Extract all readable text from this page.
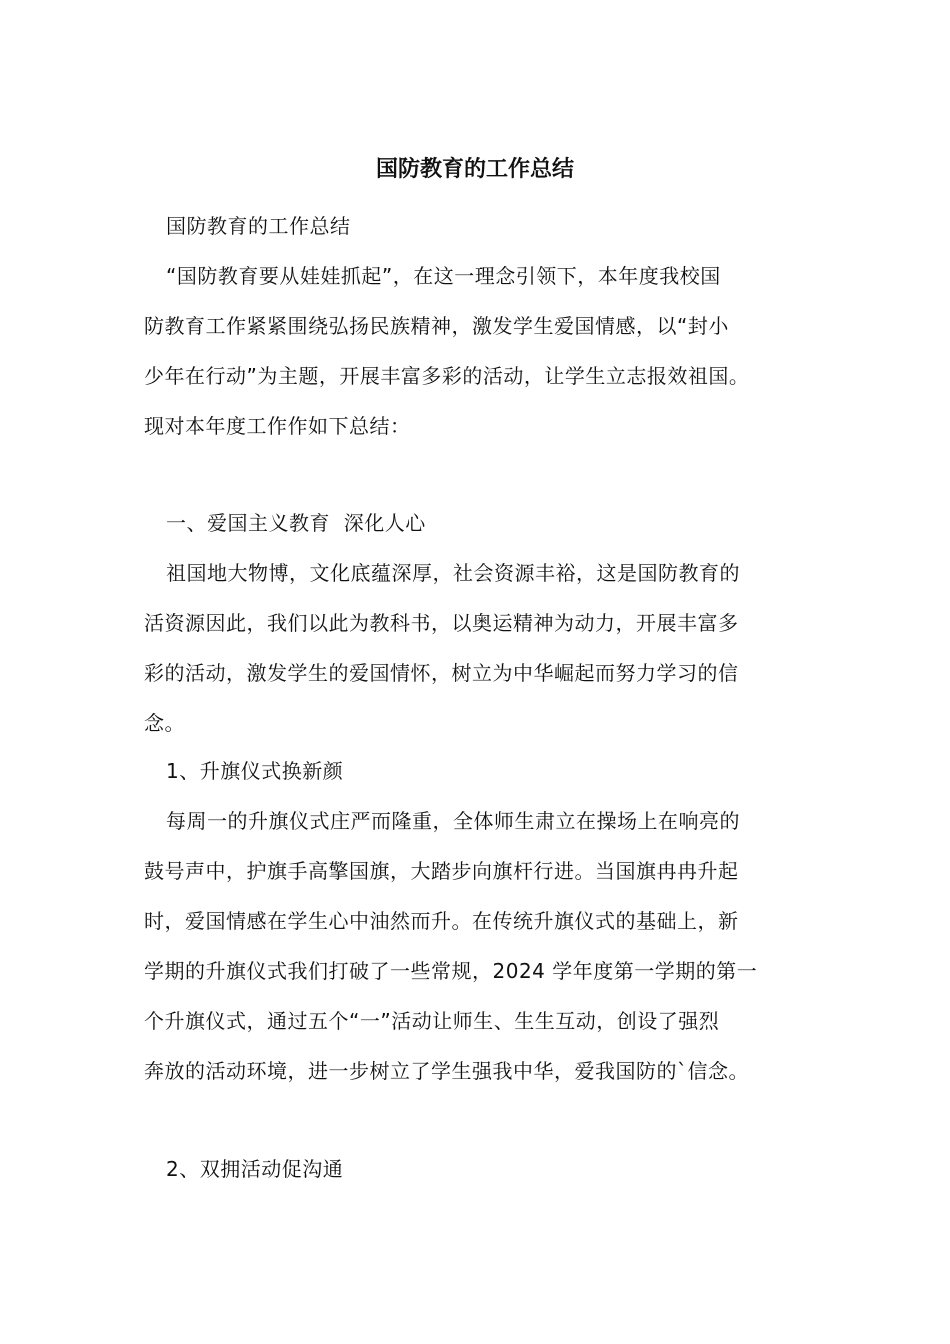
国防教育的工作总结
国防教育的工作总结
“国防教育要从娃娃抓起”，在这一理念引领下，本年度我校国
防教育工作紧紧围绕弘扬民族精神，激发学生爱国情感，以“封小
少年在行动”为主题，开展丰富多彩的活动，让学生立志报效祖国。
现对本年度工作作如下总结：
一、爱国主义教育  深化人心
祖国地大物博，文化底蕴深厚，社会资源丰裕，这是国防教育的
活资源因此，我们以此为教科书，以奥运精神为动力，开展丰富多
彩的活动，激发学生的爱国情怀，树立为中华崛起而努力学习的信
念。
1、升旗仪式换新颜
每周一的升旗仪式庄严而隆重，全体师生肃立在操场上在响亮的
鼓号声中，护旗手高擎国旗，大踏步向旗杆行进。当国旗冉冉升起
时，爱国情感在学生心中油然而升。在传统升旗仪式的基础上，新
学期的升旗仪式我们打破了一些常规，2024 学年度第一学期的第一
个升旗仪式，通过五个“一”活动让师生、生生互动，创设了强烈
奔放的活动环境，进一步树立了学生强我中华，爱我国防的`信念。
2、双拥活动促沟通
